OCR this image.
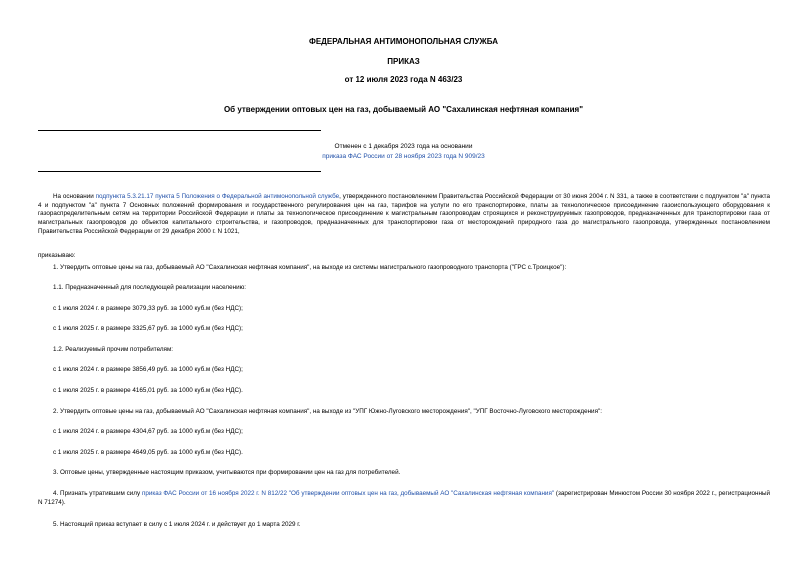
ФЕДЕРАЛЬНАЯ АНТИМОНОПОЛЬНАЯ СЛУЖБА
ПРИКАЗ
от 12 июля 2023 года N 463/23
Об утверждении оптовых цен на газ, добываемый АО "Сахалинская нефтяная компания"
Отменен с 1 декабря 2023 года на основании
приказа ФАС России от 28 ноября 2023 года N 909/23
На основании подпункта 5.3.21.17 пункта 5 Положения о Федеральной антимонопольной службе, утвержденного постановлением Правительства Российской Федерации от 30 июня 2004 г. N 331, а также в соответствии с подпунктом "а" пункта 4 и подпунктом "а" пункта 7 Основных положений формирования и государственного регулирования цен на газ, тарифов на услуги по его транспортировке, платы за технологическое присоединение газоиспользующего оборудования к газораспределительным сетям на территории Российской Федерации и платы за технологическое присоединение к магистральным газопроводам строящихся и реконструируемых газопроводов, предназначенных для транспортировки газа от магистральных газопроводов до объектов капитального строительства, и газопроводов, предназначенных для транспортировки газа от месторождений природного газа до магистрального газопровода, утвержденных постановлением Правительства Российской Федерации от 29 декабря 2000 г. N 1021,
приказываю:
1. Утвердить оптовые цены на газ, добываемый АО "Сахалинская нефтяная компания", на выходе из системы магистрального газопроводного транспорта ("ГРС с.Троицкое"):
1.1. Предназначенный для последующей реализации населению:
с 1 июля 2024 г. в размере 3079,33 руб. за 1000 куб.м (без НДС);
с 1 июля 2025 г. в размере 3325,67 руб. за 1000 куб.м (без НДС);
1.2. Реализуемый прочим потребителям:
с 1 июля 2024 г. в размере 3856,49 руб. за 1000 куб.м (без НДС);
с 1 июля 2025 г. в размере 4165,01 руб. за 1000 куб.м (без НДС).
2. Утвердить оптовые цены на газ, добываемый АО "Сахалинская нефтяная компания", на выходе из "УПГ Южно-Луговского месторождения", "УПГ Восточно-Луговского месторождения":
с 1 июля 2024 г. в размере 4304,67 руб. за 1000 куб.м (без НДС);
с 1 июля 2025 г. в размере 4649,05 руб. за 1000 куб.м (без НДС).
3. Оптовые цены, утвержденные настоящим приказом, учитываются при формировании цен на газ для потребителей.
4. Признать утратившим силу приказ ФАС России от 16 ноября 2022 г. N 812/22 "Об утверждении оптовых цен на газ, добываемый АО "Сахалинская нефтяная компания" (зарегистрирован Минюстом России 30 ноября 2022 г., регистрационный N 71274).
5. Настоящий приказ вступает в силу с 1 июля 2024 г. и действует до 1 марта 2029 г.
